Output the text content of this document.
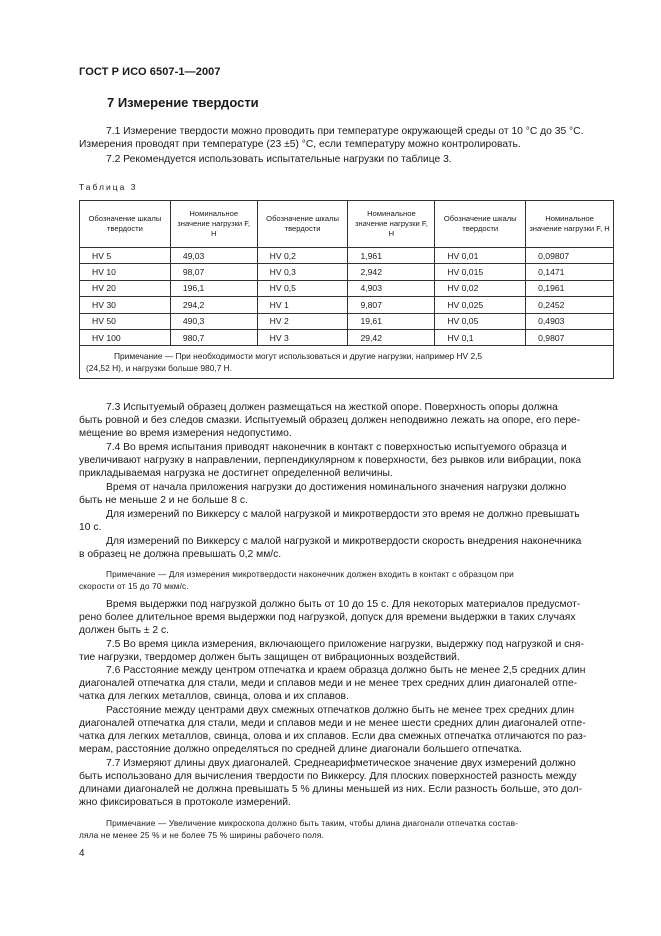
ГОСТ Р ИСО 6507-1—2007
7 Измерение твердости
7.1 Измерение твердости можно проводить при температуре окружающей среды от 10 °С до 35 °С.
Измерения проводят при температуре (23 ±5) °С, если температуру можно контролировать.
7.2 Рекомендуется использовать испытательные нагрузки по таблице 3.
Таблица 3
Обозначение шкалы твердости	Номинальное значение нагрузки F, Н	Обозначение шкалы твердости	Номинальное значение нагрузки F, Н	Обозначение шкалы твердости	Номинальное значение нагрузки F, Н
HV 5	49,03	HV 0,2	1,961	HV 0,01	0,09807
HV 10	98,07	HV 0,3	2,942	HV 0,015	0,1471
HV 20	196,1	HV 0,5	4,903	HV 0,02	0,1961
HV 30	294,2	HV 1	9,807	HV 0,025	0,2452
HV 50	490,3	HV 2	19,61	HV 0,05	0,4903
HV 100	980,7	HV 3	29,42	HV 0,1	0,9807

Примечание — При необходимости могут использоваться и другие нагрузки, например HV 2,5
(24,52 Н), и нагрузки больше 980,7 Н.					
7.3 Испытуемый образец должен размещаться на жесткой опоре. Поверхность опоры должна
быть ровной и без следов смазки. Испытуемый образец должен неподвижно лежать на опоре, его пере-
мещение во время измерения недопустимо.
7.4 Во время испытания приводят наконечник в контакт с поверхностью испытуемого образца и
увеличивают нагрузку в направлении, перпендикулярном к поверхности, без рывков или вибрации, пока
прикладываемая нагрузка не достигнет определенной величины.
Время от начала приложения нагрузки до достижения номинального значения нагрузки должно
быть не меньше 2 и не больше 8 с.
Для измерений по Виккерсу с малой нагрузкой и микротвердости это время не должно превышать
10 с.
Для измерений по Виккерсу с малой нагрузкой и микротвердости скорость внедрения наконечника
в образец не должна превышать 0,2 мм/с.
Примечание — Для измерения микротвердости наконечник должен входить в контакт с образцом при
скорости от 15 до 70 мкм/с.
Время выдержки под нагрузкой должно быть от 10 до 15 с. Для некоторых материалов предусмот-
рено более длительное время выдержки под нагрузкой, допуск для времени выдержки в таких случаях
должен быть ± 2 с.
7.5 Во время цикла измерения, включающего приложение нагрузки, выдержку под нагрузкой и сня-
тие нагрузки, твердомер должен быть защищен от вибрационных воздействий.
7.6 Расстояние между центром отпечатка и краем образца должно быть не менее 2,5 средних длин
диагоналей отпечатка для стали, меди и сплавов меди и не менее трех средних длин диагоналей отпе-
чатка для легких металлов, свинца, олова и их сплавов.
Расстояние между центрами двух смежных отпечатков должно быть не менее трех средних длин
диагоналей отпечатка для стали, меди и сплавов меди и не менее шести средних длин диагоналей отпе-
чатка для легких металлов, свинца, олова и их сплавов. Если два смежных отпечатка отличаются по раз-
мерам, расстояние должно определяться по средней длине диагонали большего отпечатка.
7.7 Измеряют длины двух диагоналей. Среднеарифметическое значение двух измерений должно
быть использовано для вычисления твердости по Виккерсу. Для плоских поверхностей разность между
длинами диагоналей не должна превышать 5 % длины меньшей из них. Если разность больше, это дол-
жно фиксироваться в протоколе измерений.
Примечание — Увеличение микроскопа должно быть таким, чтобы длина диагонали отпечатка состав-
ляла не менее 25 % и не более 75 % ширины рабочего поля.
4
